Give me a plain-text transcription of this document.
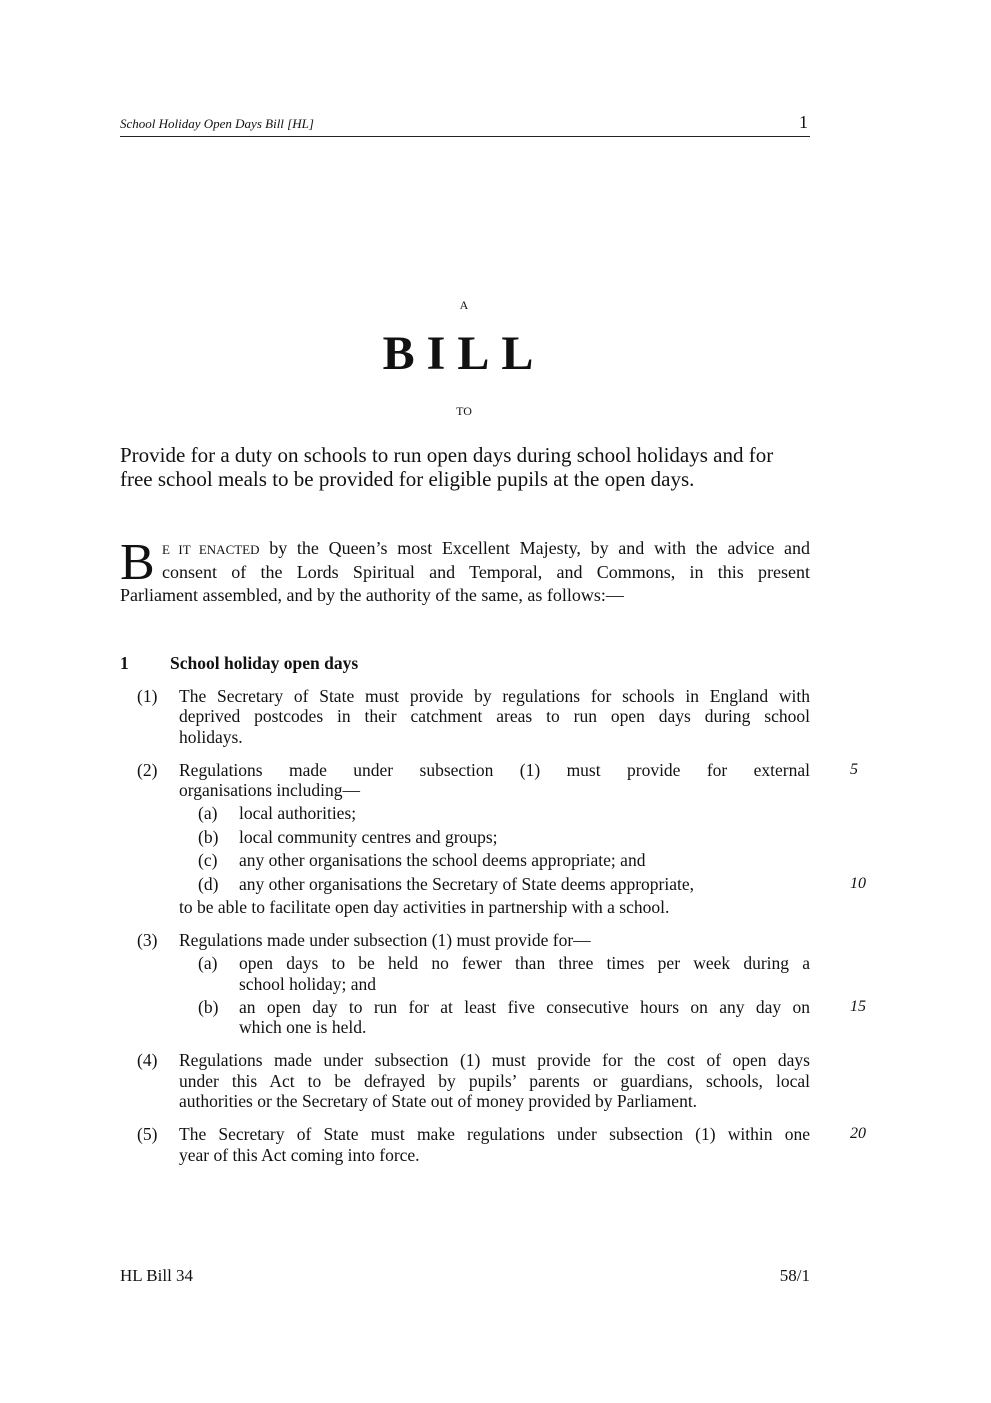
School Holiday Open Days Bill [HL]	1
A
BILL
TO
Provide for a duty on schools to run open days during school holidays and for
free school meals to be provided for eligible pupils at the open days.
B E IT ENACTED by the Queen’s most Excellent Majesty, by and with the advice and
consent of the Lords Spiritual and Temporal, and Commons, in this present
Parliament assembled, and by the authority of the same, as follows:—
1 School holiday open days
(1) The Secretary of State must provide by regulations for schools in England with
deprived postcodes in their catchment areas to run open days during school
holidays.
(2) Regulations made under subsection (1) must provide for external	5
organisations including—
(a) local authorities;
(b) local community centres and groups;
(c) any other organisations the school deems appropriate; and
(d) any other organisations the Secretary of State deems appropriate,	10
to be able to facilitate open day activities in partnership with a school.
(3) Regulations made under subsection (1) must provide for—
(a) open days to be held no fewer than three times per week during a
school holiday; and
(b)	15
an open day to run for at least five consecutive hours on any day on
which one is held.
(4) Regulations made under subsection (1) must provide for the cost of open days
under this Act to be defrayed by pupils’ parents or guardians, schools, local
authorities or the Secretary of State out of money provided by Parliament.
(5)	20
The Secretary of State must make regulations under subsection (1) within one
year of this Act coming into force.
HL Bill 34	58/1
